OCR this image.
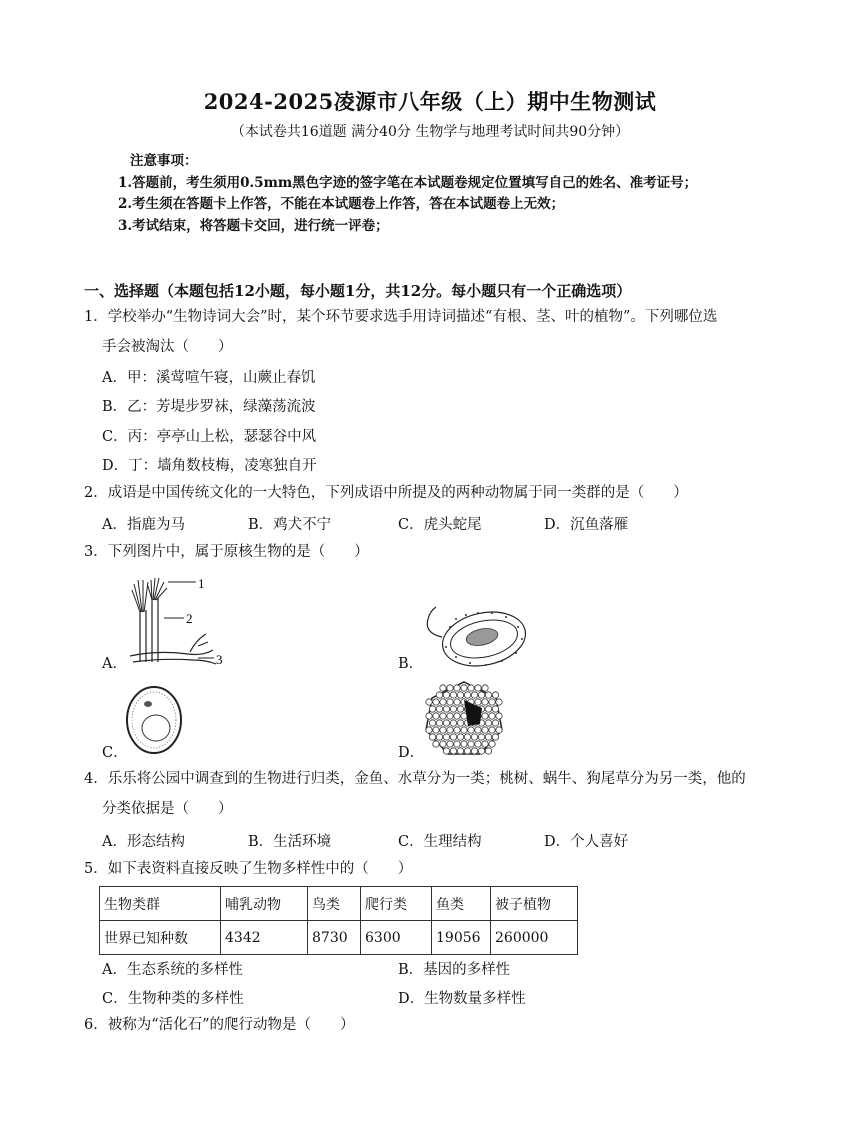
2024-2025凌源市八年级（上）期中生物测试
（本试卷共16道题 满分40分 生物学与地理考试时间共90分钟）
注意事项：
1.答题前，考生须用0.5mm黑色字迹的签字笔在本试题卷规定位置填写自己的姓名、准考证号；
2.考生须在答题卡上作答，不能在本试题卷上作答，答在本试题卷上无效；
3.考试结束，将答题卡交回，进行统一评卷；
一、选择题（本题包括12小题，每小题1分，共12分。每小题只有一个正确选项）
1．学校举办“生物诗词大会”时，某个环节要求选手用诗词描述“有根、茎、叶的植物”。下列哪位选

手会被淘汰（　　）
A．甲：溪莺喧午寝，山蕨止春饥
B．乙：芳堤步罗袜，绿藻荡流波
C．丙：亭亭山上松，瑟瑟谷中风
D．丁：墙角数枝梅，凌寒独自开
2．成语是中国传统文化的一大特色，下列成语中所提及的两种动物属于同一类群的是（　　）
A．指鹿为马	B．鸡犬不宁	C．虎头蛇尾	D．沉鱼落雁
3．下列图片中，属于原核生物的是（　　）
A．	B．
C．	D．
1
2
3
4．乐乐将公园中调查到的生物进行归类，金鱼、水草分为一类；桃树、蜗牛、狗尾草分为另一类，他的

分类依据是（　　）
A．形态结构	B．生活环境	C．生理结构	D．个人喜好
5．如下表资料直接反映了生物多样性中的（　　）
生物类群	哺乳动物	鸟类	爬行类	鱼类	被子植物
世界已知种数	4342	8730	6300	19056	260000
A．生态系统的多样性	B．基因的多样性
C．生物种类的多样性	D．生物数量多样性
6．被称为“活化石”的爬行动物是（　　）
